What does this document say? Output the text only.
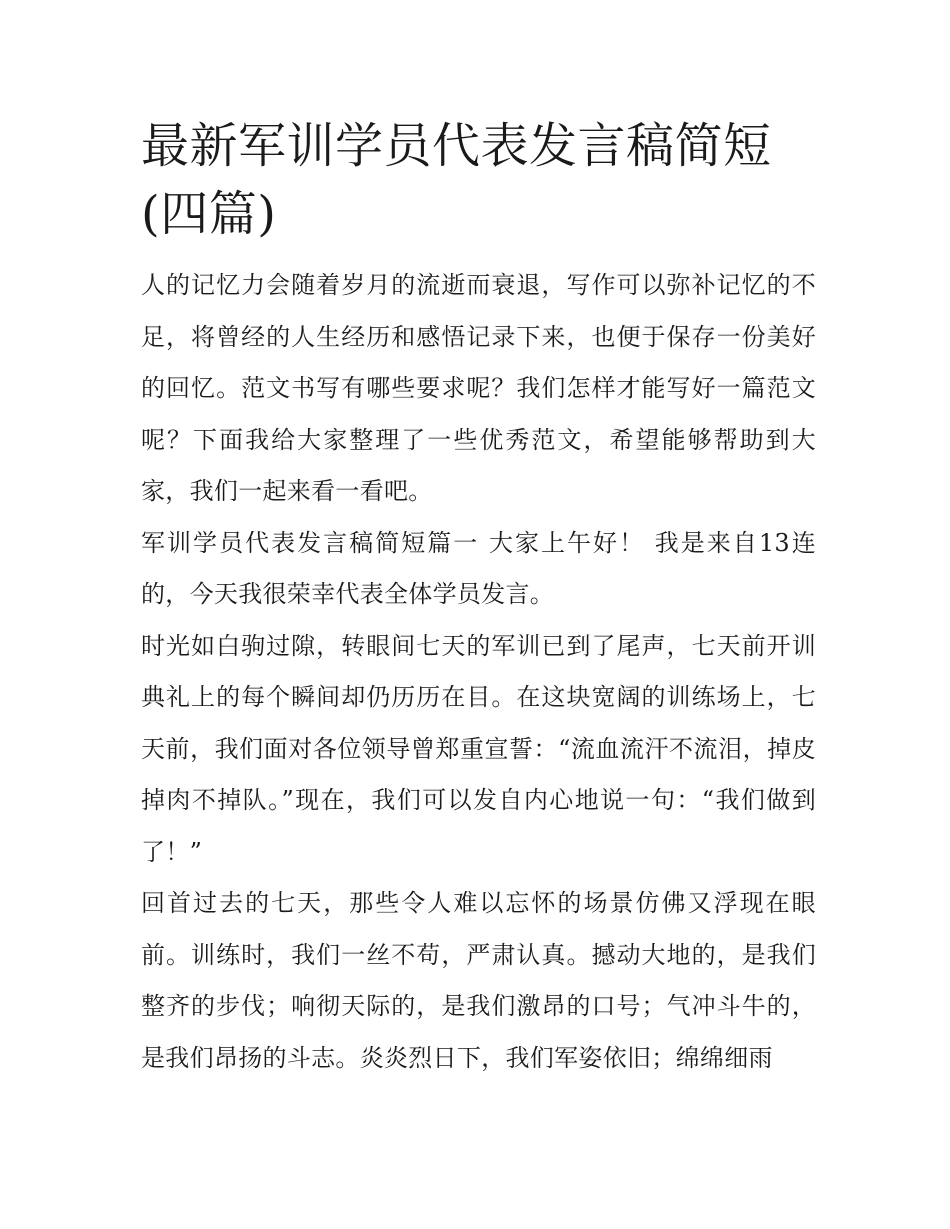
最新军训学员代表发言稿简短(四篇)

人的记忆力会随着岁月的流逝而衰退，写作可以弥补记忆的不足，将曾经的人生经历和感悟记录下来，也便于保存一份美好的回忆。范文书写有哪些要求呢？我们怎样才能写好一篇范文呢？下面我给大家整理了一些优秀范文，希望能够帮助到大家，我们一起来看一看吧。

军训学员代表发言稿简短篇一 大家上午好！ 我是来自13连的，今天我很荣幸代表全体学员发言。

时光如白驹过隙，转眼间七天的军训已到了尾声，七天前开训典礼上的每个瞬间却仍历历在目。在这块宽阔的训练场上，七天前，我们面对各位领导曾郑重宣誓：“流血流汗不流泪，掉皮掉肉不掉队。”现在，我们可以发自内心地说一句：“我们做到了！”

回首过去的七天，那些令人难以忘怀的场景仿佛又浮现在眼前。训练时，我们一丝不苟，严肃认真。撼动大地的，是我们整齐的步伐；响彻天际的，是我们激昂的口号；气冲斗牛的，是我们昂扬的斗志。炎炎烈日下，我们军姿依旧；绵绵细雨
